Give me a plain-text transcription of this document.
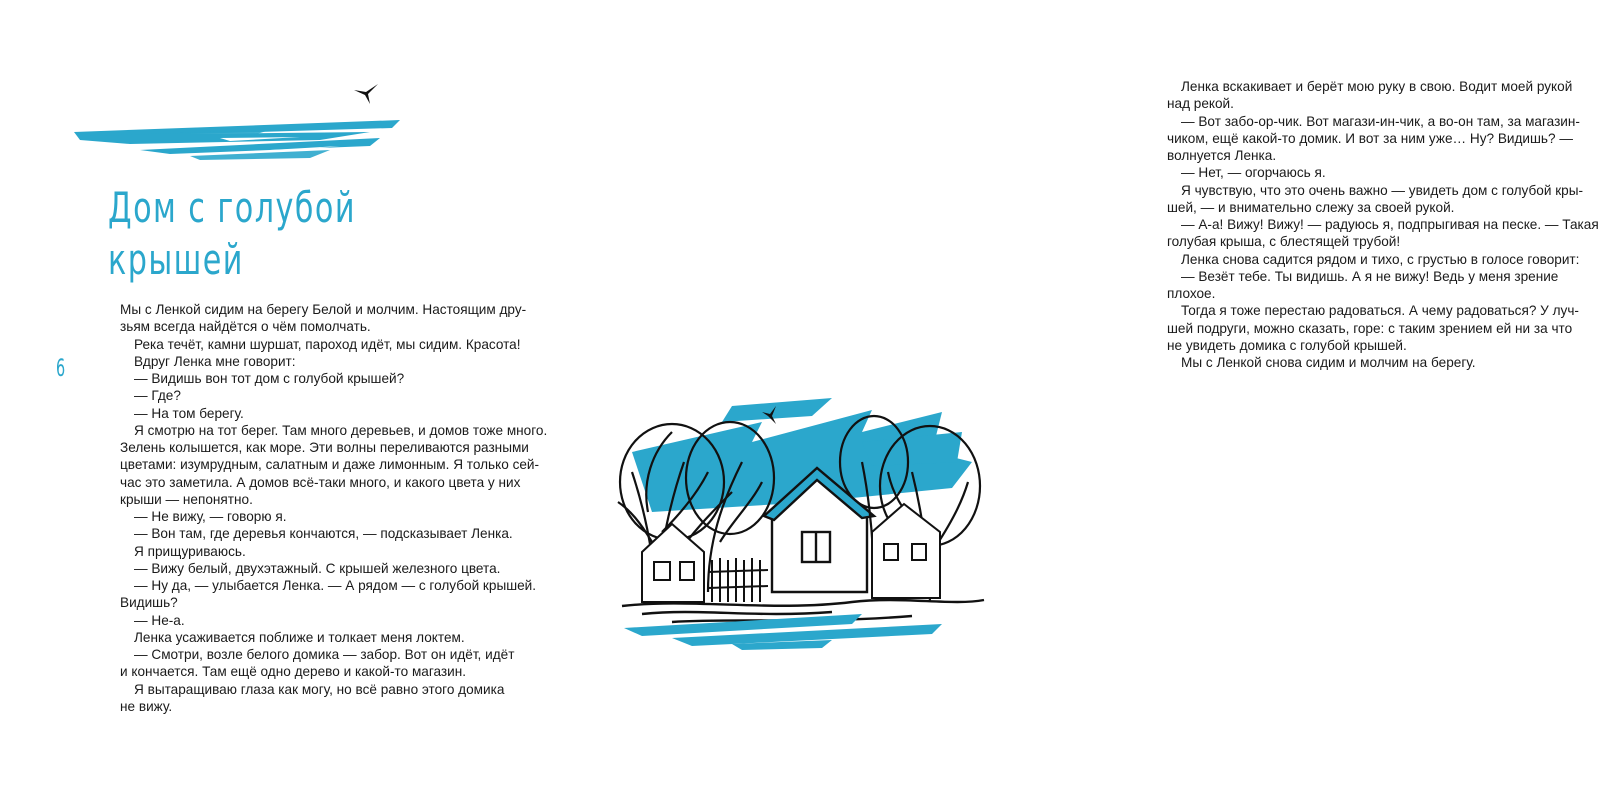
Дом с голубой
крышей
6
Мы с Ленкой сидим на берегу Белой и молчим. Настоящим дру-
зьям всегда найдётся о чём помолчать.
Река течёт, камни шуршат, пароход идёт, мы сидим. Красота!
Вдруг Ленка мне говорит:
— Видишь вон тот дом с голубой крышей?
— Где?
— На том берегу.
Я смотрю на тот берег. Там много деревьев, и домов тоже много.
Зелень колышется, как море. Эти волны переливаются разными
цветами: изумрудным, салатным и даже лимонным. Я только сей-
час это заметила. А домов всё-таки много, и какого цвета у них
крыши — непонятно.
— Не вижу, — говорю я.
— Вон там, где деревья кончаются, — подсказывает Ленка.
Я прищуриваюсь.
— Вижу белый, двухэтажный. С крышей железного цвета.
— Ну да, — улыбается Ленка. — А рядом — с голубой крышей.
Видишь?
— Не-а.
Ленка усаживается поближе и толкает меня локтем.
— Смотри, возле белого домика — забор. Вот он идёт, идёт
и кончается. Там ещё одно дерево и какой-то магазин.
Я вытаращиваю глаза как могу, но всё равно этого домика
не вижу.
Ленка вскакивает и берёт мою руку в свою. Водит моей рукой
над рекой.
— Вот забо-ор-чик. Вот магази-ин-чик, а во-он там, за магазин-
чиком, ещё какой-то домик. И вот за ним уже… Ну? Видишь? —
волнуется Ленка.
— Нет, — огорчаюсь я.
Я чувствую, что это очень важно — увидеть дом с голубой кры-
шей, — и внимательно слежу за своей рукой.
— А-а! Вижу! Вижу! — радуюсь я, подпрыгивая на песке. — Такая
голубая крыша, с блестящей трубой!
Ленка снова садится рядом и тихо, с грустью в голосе говорит:
— Везёт тебе. Ты видишь. А я не вижу! Ведь у меня зрение
плохое.
Тогда я тоже перестаю радоваться. А чему радоваться? У луч-
шей подруги, можно сказать, горе: с таким зрением ей ни за что
не увидеть домика с голубой крышей.
Мы с Ленкой снова сидим и молчим на берегу.
